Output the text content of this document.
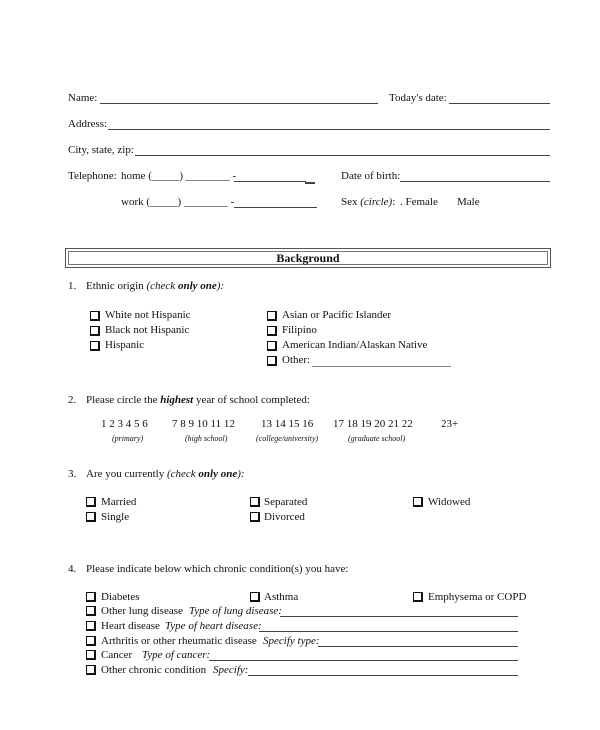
Name:	Today's date:
Address:
City, state, zip:
Telephone: home (_____) ________ -	Date of birth:
work (_____) ________ -	Sex (circle): . Female Male
Background
1. Ethnic origin (check only one):
White not Hispanic
Black not Hispanic
Hispanic
Asian or Pacific Islander
Filipino
American Indian/Alaskan Native
Other:
2. Please circle the highest year of school completed:
1 2 3 4 5 6
(primary)
7 8 9 10 11 12
(high school)
13 14 15 16
(college/university)
17 18 19 20 21 22
(graduate school)
23+
3. Are you currently (check only one):
Married
Single
Separated
Divorced
Widowed
4. Please indicate below which chronic condition(s) you have:
Diabetes	Asthma	Emphysema or COPD
Other lung disease Type of lung disease:
Heart disease Type of heart disease:
Arthritis or other rheumatic disease Specify type:
Cancer Type of cancer:
Other chronic condition Specify:
